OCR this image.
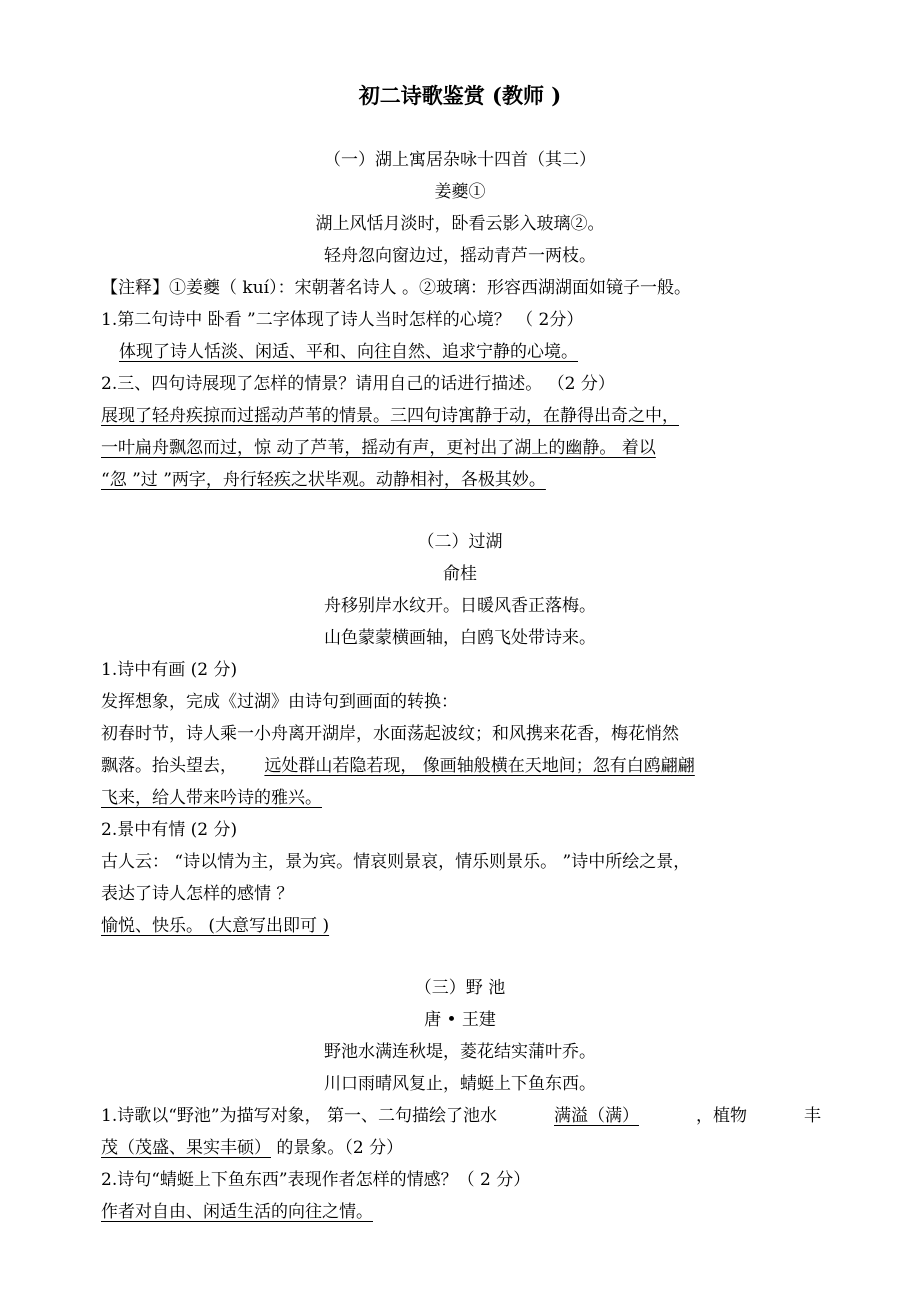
初二诗歌鉴赏 (教师 )
（一）湖上寓居杂咏十四首（其二）
姜夔①
湖上风恬月淡时，卧看云影入玻璃②。
轻舟忽向窗边过，摇动青芦一两枝。
【注释】①姜夔（ kuí）：宋朝著名诗人 。②玻璃：形容西湖湖面如镜子一般。
1.第二句诗中 卧看 ”二字体现了诗人当时怎样的心境？ （ 2分）
体现了诗人恬淡、闲适、平和、向往自然、追求宁静的心境。
2.三、四句诗展现了怎样的情景？请用自己的话进行描述。 （2 分）
展现了轻舟疾掠而过摇动芦苇的情景。三四句诗寓静于动，在静得出奇之中，
一叶扁舟飘忽而过，惊 动了芦苇，摇动有声，更衬出了湖上的幽静。 着以
“忽 ”过 ”两字，舟行轻疾之状毕观。动静相衬，各极其妙。
（二）过湖
俞桂
舟移别岸水纹开。日暖风香正落梅。
山色蒙蒙横画轴，白鸥飞处带诗来。
1.诗中有画 (2 分)
发挥想象，完成《过湖》由诗句到画面的转换：
初春时节，诗人乘一小舟离开湖岸，水面荡起波纹；和风携来花香，梅花悄然
飘落。抬头望去， 远处群山若隐若现， 像画轴般横在天地间；忽有白鸥翩翩
飞来，给人带来吟诗的雅兴。
2.景中有情 (2 分)
古人云： “诗以情为主，景为宾。情哀则景哀，情乐则景乐。 ”诗中所绘之景，
表达了诗人怎样的感情 ？
愉悦、快乐。 (大意写出即可 )
（三）野 池
唐 • 王建
野池水满连秋堤，菱花结实蒲叶乔。
川口雨晴风复止，蜻蜓上下鱼东西。
1.诗歌以“野池”为描写对象， 第一、二句描绘了池水	满溢（满）	，植物	丰
茂（茂盛、果实丰硕） 的景象。（2 分）
2.诗句“蜻蜓上下鱼东西”表现作者怎样的情感？（ 2 分）
作者对自由、闲适生活的向往之情。
